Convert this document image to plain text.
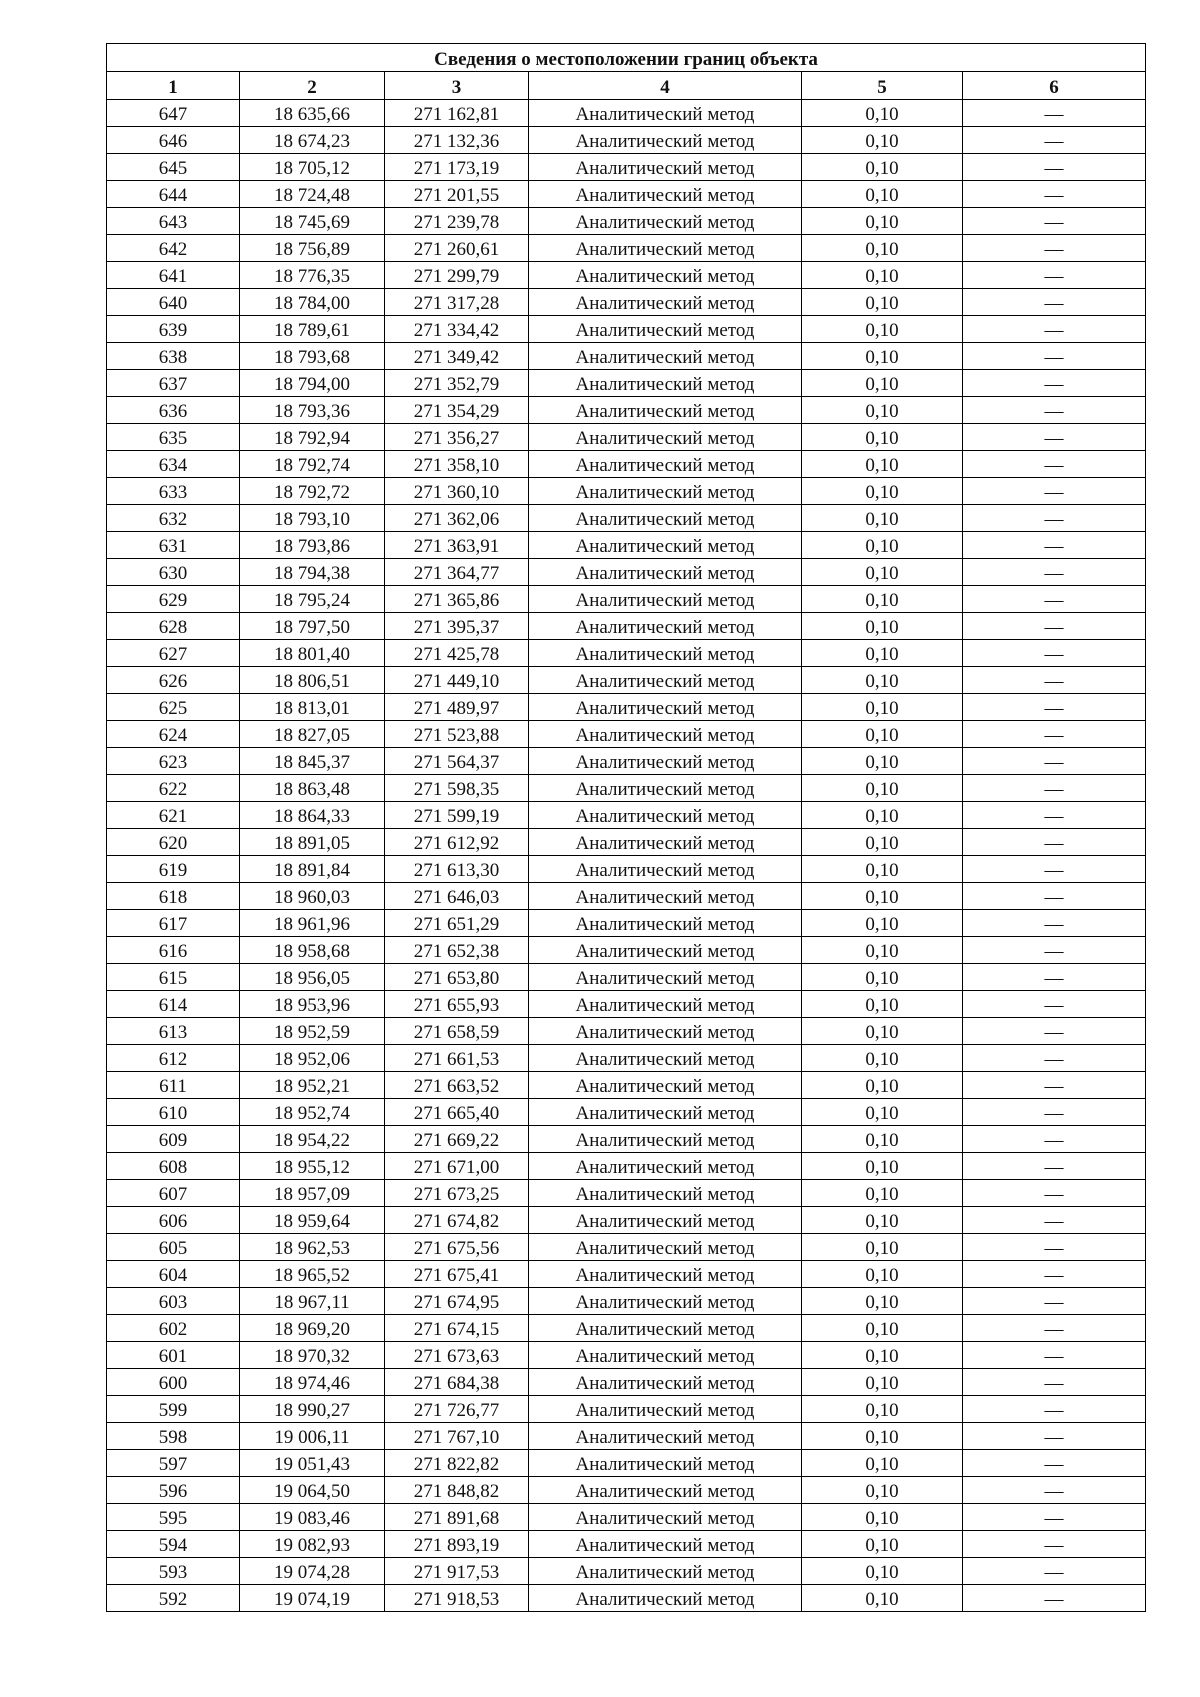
Сведения о местоположении границ объекта					
1	2	3	4	5	6
647	18 635,66	271 162,81	Аналитический метод	0,10	—
646	18 674,23	271 132,36	Аналитический метод	0,10	—
645	18 705,12	271 173,19	Аналитический метод	0,10	—
644	18 724,48	271 201,55	Аналитический метод	0,10	—
643	18 745,69	271 239,78	Аналитический метод	0,10	—
642	18 756,89	271 260,61	Аналитический метод	0,10	—
641	18 776,35	271 299,79	Аналитический метод	0,10	—
640	18 784,00	271 317,28	Аналитический метод	0,10	—
639	18 789,61	271 334,42	Аналитический метод	0,10	—
638	18 793,68	271 349,42	Аналитический метод	0,10	—
637	18 794,00	271 352,79	Аналитический метод	0,10	—
636	18 793,36	271 354,29	Аналитический метод	0,10	—
635	18 792,94	271 356,27	Аналитический метод	0,10	—
634	18 792,74	271 358,10	Аналитический метод	0,10	—
633	18 792,72	271 360,10	Аналитический метод	0,10	—
632	18 793,10	271 362,06	Аналитический метод	0,10	—
631	18 793,86	271 363,91	Аналитический метод	0,10	—
630	18 794,38	271 364,77	Аналитический метод	0,10	—
629	18 795,24	271 365,86	Аналитический метод	0,10	—
628	18 797,50	271 395,37	Аналитический метод	0,10	—
627	18 801,40	271 425,78	Аналитический метод	0,10	—
626	18 806,51	271 449,10	Аналитический метод	0,10	—
625	18 813,01	271 489,97	Аналитический метод	0,10	—
624	18 827,05	271 523,88	Аналитический метод	0,10	—
623	18 845,37	271 564,37	Аналитический метод	0,10	—
622	18 863,48	271 598,35	Аналитический метод	0,10	—
621	18 864,33	271 599,19	Аналитический метод	0,10	—
620	18 891,05	271 612,92	Аналитический метод	0,10	—
619	18 891,84	271 613,30	Аналитический метод	0,10	—
618	18 960,03	271 646,03	Аналитический метод	0,10	—
617	18 961,96	271 651,29	Аналитический метод	0,10	—
616	18 958,68	271 652,38	Аналитический метод	0,10	—
615	18 956,05	271 653,80	Аналитический метод	0,10	—
614	18 953,96	271 655,93	Аналитический метод	0,10	—
613	18 952,59	271 658,59	Аналитический метод	0,10	—
612	18 952,06	271 661,53	Аналитический метод	0,10	—
611	18 952,21	271 663,52	Аналитический метод	0,10	—
610	18 952,74	271 665,40	Аналитический метод	0,10	—
609	18 954,22	271 669,22	Аналитический метод	0,10	—
608	18 955,12	271 671,00	Аналитический метод	0,10	—
607	18 957,09	271 673,25	Аналитический метод	0,10	—
606	18 959,64	271 674,82	Аналитический метод	0,10	—
605	18 962,53	271 675,56	Аналитический метод	0,10	—
604	18 965,52	271 675,41	Аналитический метод	0,10	—
603	18 967,11	271 674,95	Аналитический метод	0,10	—
602	18 969,20	271 674,15	Аналитический метод	0,10	—
601	18 970,32	271 673,63	Аналитический метод	0,10	—
600	18 974,46	271 684,38	Аналитический метод	0,10	—
599	18 990,27	271 726,77	Аналитический метод	0,10	—
598	19 006,11	271 767,10	Аналитический метод	0,10	—
597	19 051,43	271 822,82	Аналитический метод	0,10	—
596	19 064,50	271 848,82	Аналитический метод	0,10	—
595	19 083,46	271 891,68	Аналитический метод	0,10	—
594	19 082,93	271 893,19	Аналитический метод	0,10	—
593	19 074,28	271 917,53	Аналитический метод	0,10	—
592	19 074,19	271 918,53	Аналитический метод	0,10	—
